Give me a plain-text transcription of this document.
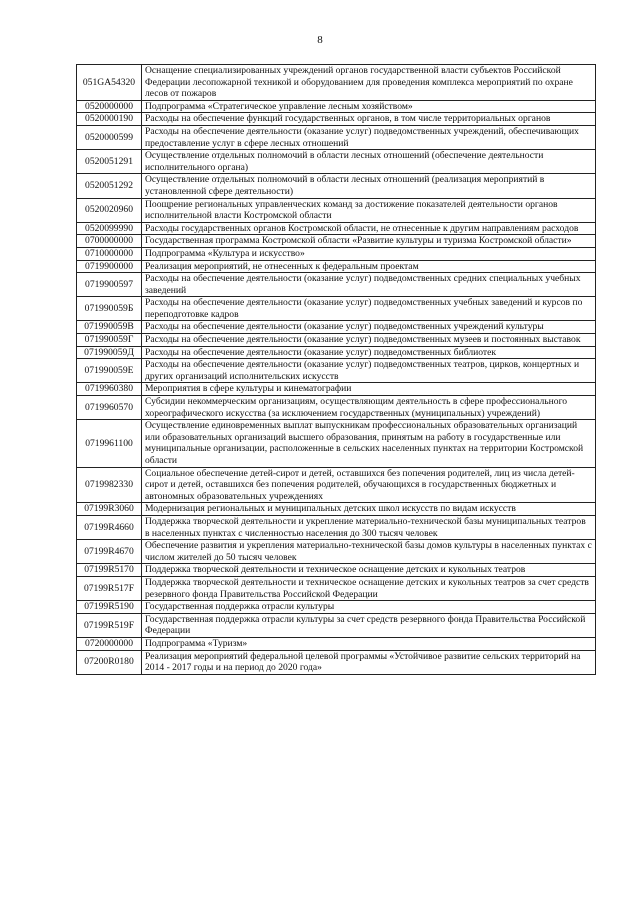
8
051GA54320	Оснащение специализированных учреждений органов государственной власти субъектов Российской Федерации лесопожарной техникой и оборудованием для проведения комплекса мероприятий по охране лесов от пожаров
0520000000	Подпрограмма «Стратегическое управление лесным хозяйством»
0520000190	Расходы на обеспечение функций государственных органов, в том числе территориальных органов
0520000599	Расходы на обеспечение деятельности (оказание услуг) подведомственных учреждений, обеспечивающих предоставление услуг в сфере лесных отношений
0520051291	Осуществление отдельных полномочий в области лесных отношений (обеспечение деятельности исполнительного органа)
0520051292	Осуществление отдельных полномочий в области лесных отношений (реализация мероприятий в установленной сфере деятельности)
0520020960	Поощрение региональных управленческих команд за достижение показателей деятельности органов исполнительной власти Костромской области
0520099990	Расходы государственных органов Костромской области, не отнесенные к другим направлениям расходов
0700000000	Государственная программа Костромской области «Развитие культуры и туризма Костромской области»
0710000000	Подпрограмма «Культура и искусство»
0719900000	Реализация мероприятий, не отнесенных к федеральным проектам
0719900597	Расходы на обеспечение деятельности (оказание услуг) подведомственных средних специальных учебных заведений
071990059Б	Расходы на обеспечение деятельности (оказание услуг) подведомственных учебных заведений и курсов по переподготовке кадров
071990059В	Расходы на обеспечение деятельности (оказание услуг) подведомственных учреждений культуры
071990059Г	Расходы на обеспечение деятельности (оказание услуг) подведомственных музеев и постоянных выставок
071990059Д	Расходы на обеспечение деятельности (оказание услуг) подведомственных библиотек
071990059Е	Расходы на обеспечение деятельности (оказание услуг) подведомственных театров, цирков, концертных и других организаций исполнительских искусств
0719960380	Мероприятия в сфере культуры и кинематографии
0719960570	Субсидии некоммерческим организациям, осуществляющим деятельность в сфере профессионального хореографического искусства (за исключением государственных (муниципальных) учреждений)
0719961100	Осуществление единовременных выплат выпускникам профессиональных образовательных организаций или образовательных организаций высшего образования, принятым на работу в государственные или муниципальные организации, расположенные в сельских населенных пунктах на территории Костромской области
0719982330	Социальное обеспечение детей-сирот и детей, оставшихся без попечения родителей, лиц из числа детей-сирот и детей, оставшихся без попечения родителей, обучающихся в государственных бюджетных и автономных образовательных учреждениях
07199R3060	Модернизация региональных и муниципальных детских школ искусств по видам искусств
07199R4660	Поддержка творческой деятельности и укрепление материально-технической базы муниципальных театров в населенных пунктах с численностью населения до 300 тысяч человек
07199R4670	Обеспечение развития и укрепления материально-технической базы домов культуры в населенных пунктах с числом жителей до 50 тысяч человек
07199R5170	Поддержка творческой деятельности и техническое оснащение детских и кукольных театров
07199R517F	Поддержка творческой деятельности и техническое оснащение детских и кукольных театров за счет средств резервного фонда Правительства Российской Федерации
07199R5190	Государственная поддержка отрасли культуры
07199R519F	Государственная поддержка отрасли культуры за счет средств резервного фонда Правительства Российской Федерации
0720000000	Подпрограмма «Туризм»
07200R0180	Реализация мероприятий федеральной целевой программы «Устойчивое развитие сельских территорий на 2014 - 2017 годы и на период до 2020 года»
